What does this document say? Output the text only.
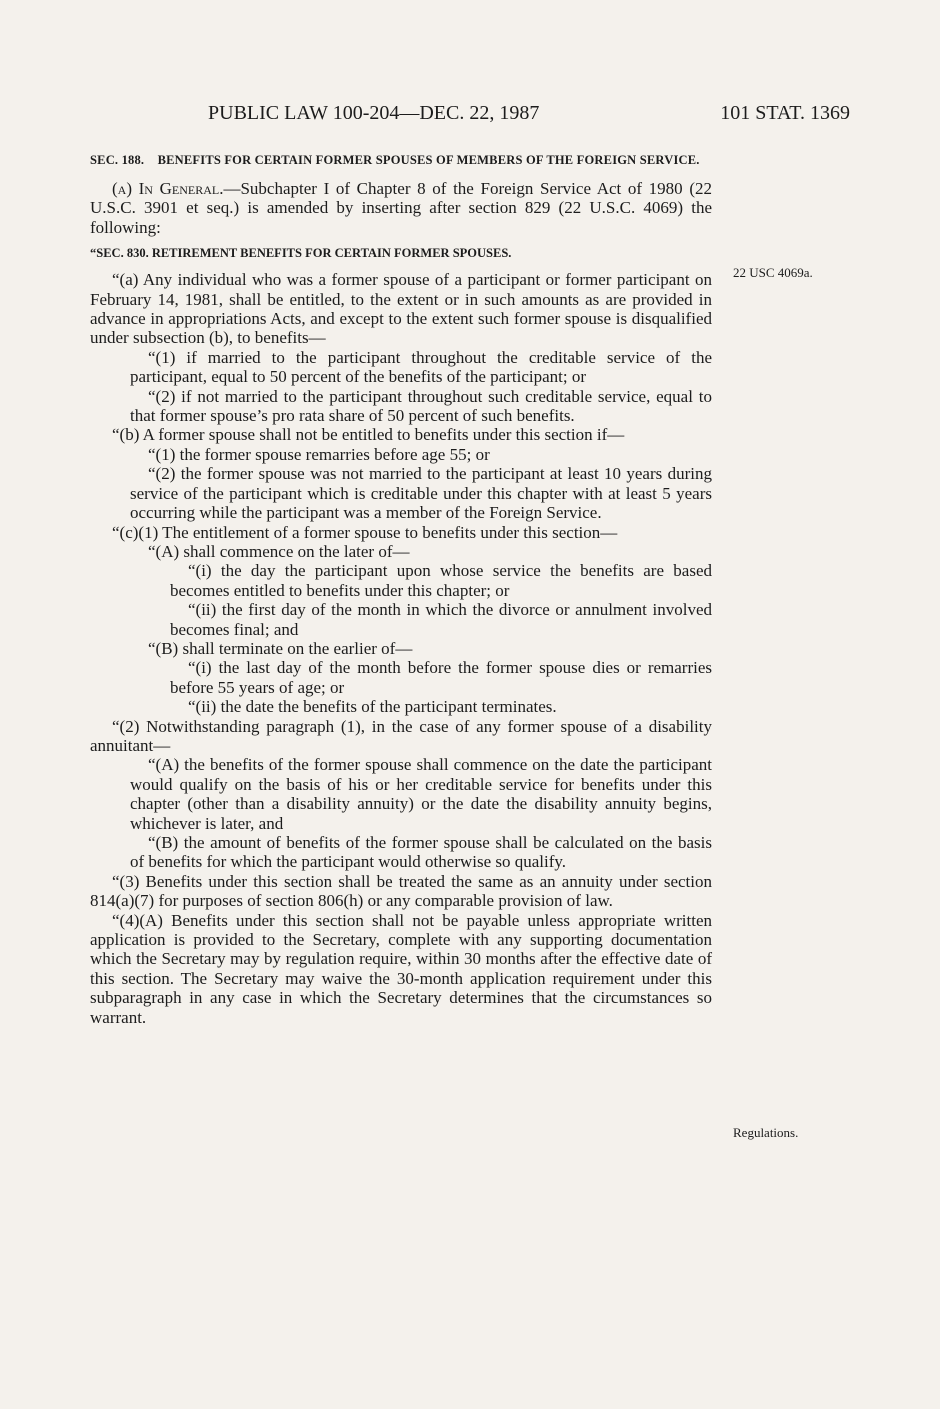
PUBLIC LAW 100-204—DEC. 22, 1987	101 STAT. 1369
22 USC 4069a.
Regulations.
SEC. 188. BENEFITS FOR CERTAIN FORMER SPOUSES OF MEMBERS OF THE FOREIGN SERVICE.

(a) In General.—Subchapter I of Chapter 8 of the Foreign Service Act of 1980 (22 U.S.C. 3901 et seq.) is amended by inserting after section 829 (22 U.S.C. 4069) the following:

“SEC. 830. RETIREMENT BENEFITS FOR CERTAIN FORMER SPOUSES.

“(a) Any individual who was a former spouse of a participant or former participant on February 14, 1981, shall be entitled, to the extent or in such amounts as are provided in advance in appropriations Acts, and except to the extent such former spouse is disqualified under subsection (b), to benefits—

“(1) if married to the participant throughout the creditable service of the participant, equal to 50 percent of the benefits of the participant; or

“(2) if not married to the participant throughout such creditable service, equal to that former spouse’s pro rata share of 50 percent of such benefits.

“(b) A former spouse shall not be entitled to benefits under this section if—

“(1) the former spouse remarries before age 55; or

“(2) the former spouse was not married to the participant at least 10 years during service of the participant which is creditable under this chapter with at least 5 years occurring while the participant was a member of the Foreign Service.

“(c)(1) The entitlement of a former spouse to benefits under this section—

“(A) shall commence on the later of—

“(i) the day the participant upon whose service the benefits are based becomes entitled to benefits under this chapter; or

“(ii) the first day of the month in which the divorce or annulment involved becomes final; and

“(B) shall terminate on the earlier of—

“(i) the last day of the month before the former spouse dies or remarries before 55 years of age; or

“(ii) the date the benefits of the participant terminates.

“(2) Notwithstanding paragraph (1), in the case of any former spouse of a disability annuitant—

“(A) the benefits of the former spouse shall commence on the date the participant would qualify on the basis of his or her creditable service for benefits under this chapter (other than a disability annuity) or the date the disability annuity begins, whichever is later, and

“(B) the amount of benefits of the former spouse shall be calculated on the basis of benefits for which the participant would otherwise so qualify.

“(3) Benefits under this section shall be treated the same as an annuity under section 814(a)(7) for purposes of section 806(h) or any comparable provision of law.

“(4)(A) Benefits under this section shall not be payable unless appropriate written application is provided to the Secretary, complete with any supporting documentation which the Secretary may by regulation require, within 30 months after the effective date of this section. The Secretary may waive the 30-month application requirement under this subparagraph in any case in which the Secretary determines that the circumstances so warrant.
